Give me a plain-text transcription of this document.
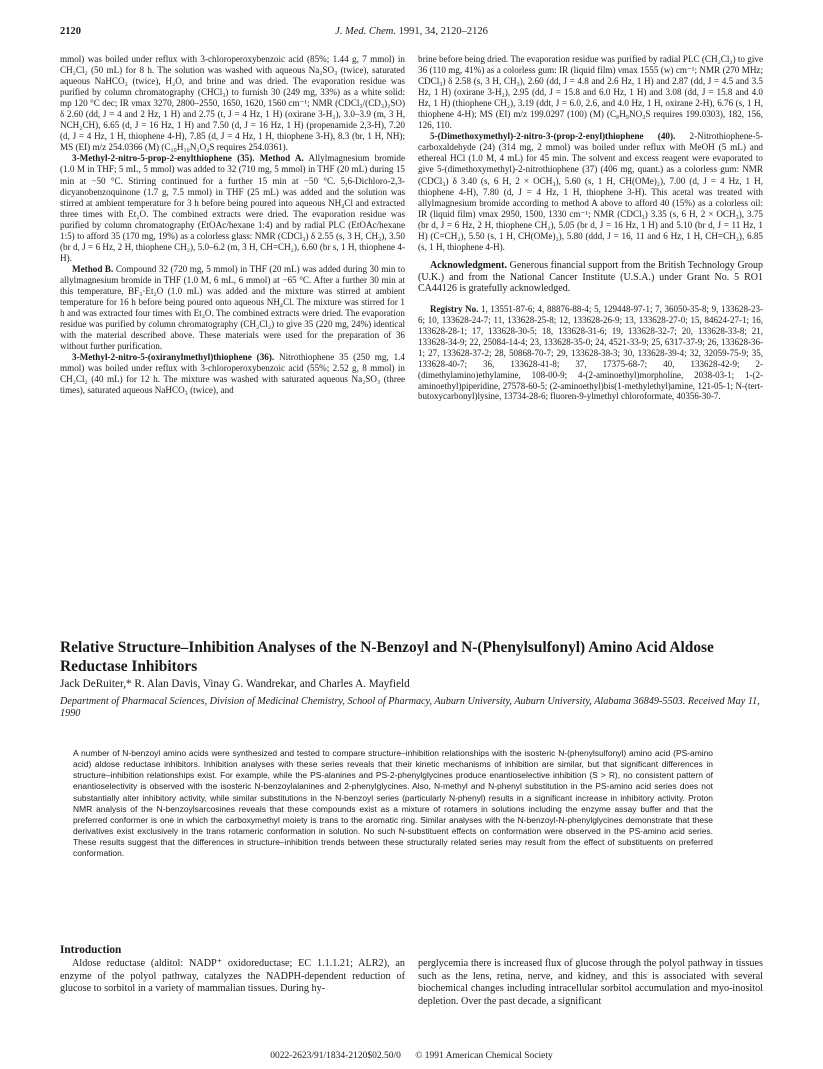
2120	J. Med. Chem. 1991, 34, 2120–2126

mmol) was boiled under reflux with 3-chloroperoxybenzoic acid (85%; 1.44 g, 7 mmol) in CH₂Cl₂ (50 mL) for 8 h. The solution was washed with aqueous Na₂SO₃ (twice), saturated aqueous NaHCO₃ (twice), H₂O, and brine and was dried. The evaporation residue was purified by column chromatography (CHCl₃) to furnish 30 (249 mg, 33%) as a white solid: mp 120 °C dec; IR νmax 3270, 2800–2550, 1650, 1620, 1560 cm⁻¹; NMR (CDCl₃/(CD₃)₂SO) δ 2.60 (dd, J = 4 and 2 Hz, 1 H) and 2.75 (t, J = 4 Hz, 1 H) (oxirane 3-H₂), 3.0–3.9 (m, 3 H, NCH₂CH), 6.65 (d, J = 16 Hz, 1 H) and 7.50 (d, J = 16 Hz, 1 H) (propenamide 2,3-H), 7.20 (d, J = 4 Hz, 1 H, thiophene 4-H), 7.85 (d, J = 4 Hz, 1 H, thiophene 3-H), 8.3 (br, 1 H, NH); MS (EI) m/z 254.0366 (M) (C₁₀H₁₀N₂O₄S requires 254.0361).

3-Methyl-2-nitro-5-prop-2-enylthiophene (35). Method A. Allylmagnesium bromide (1.0 M in THF; 5 mL, 5 mmol) was added to 32 (710 mg, 5 mmol) in THF (20 mL) during 15 min at −50 °C. Stirring continued for a further 15 min at −50 °C. 5,6-Dichloro-2,3-dicyanobenzoquinone (1.7 g, 7.5 mmol) in THF (25 mL) was added and the solution was stirred at ambient temperature for 3 h before being poured into aqueous NH₄Cl and extracted three times with Et₂O. The combined extracts were dried. The evaporation residue was purified by column chromatography (EtOAc/hexane 1:4) and by radial PLC (EtOAc/hexane 1:5) to afford 35 (170 mg, 19%) as a colorless glass: NMR (CDCl₃) δ 2.55 (s, 3 H, CH₃), 3.50 (br d, J = 6 Hz, 2 H, thiophene CH₂), 5.0–6.2 (m, 3 H, CH=CH₂), 6.60 (br s, 1 H, thiophene 4-H).

Method B. Compound 32 (720 mg, 5 mmol) in THF (20 mL) was added during 30 min to allylmagnesium bromide in THF (1.0 M, 6 mL, 6 mmol) at −65 °C. After a further 30 min at this temperature, BF₃·Et₂O (1.0 mL) was added and the mixture was stirred at ambient temperature for 16 h before being poured onto aqueous NH₄Cl. The mixture was stirred for 1 h and was extracted four times with Et₂O. The combined extracts were dried. The evaporation residue was purified by column chromatography (CH₂Cl₂) to give 35 (220 mg, 24%) identical with the material described above. These materials were used for the preparation of 36 without further purification.

3-Methyl-2-nitro-5-(oxiranylmethyl)thiophene (36). Nitrothiophene 35 (250 mg, 1.4 mmol) was boiled under reflux with 3-chloroperoxybenzoic acid (55%; 2.52 g, 8 mmol) in CH₂Cl₂ (40 mL) for 12 h. The mixture was washed with saturated aqueous Na₂SO₃ (three times), saturated aqueous NaHCO₃ (twice), and

brine before being dried. The evaporation residue was purified by radial PLC (CH₂Cl₂) to give 36 (110 mg, 41%) as a colorless gum: IR (liquid film) νmax 1555 (w) cm⁻¹; NMR (270 MHz; CDCl₃) δ 2.58 (s, 3 H, CH₃), 2.60 (dd, J = 4.8 and 2.6 Hz, 1 H) and 2.87 (dd, J = 4.5 and 3.5 Hz, 1 H) (oxirane 3-H₂), 2.95 (dd, J = 15.8 and 6.0 Hz, 1 H) and 3.08 (dd, J = 15.8 and 4.0 Hz, 1 H) (thiophene CH₂), 3.19 (ddt, J = 6.0, 2.6, and 4.0 Hz, 1 H, oxirane 2-H), 6.76 (s, 1 H, thiophene 4-H); MS (EI) m/z 199.0297 (100) (M) (C₈H₉NO₃S requires 199.0303), 182, 156, 126, 110.

5-(Dimethoxymethyl)-2-nitro-3-(prop-2-enyl)thiophene (40). 2-Nitrothiophene-5-carboxaldehyde (24) (314 mg, 2 mmol) was boiled under reflux with MeOH (5 mL) and ethereal HCl (1.0 M, 4 mL) for 45 min. The solvent and excess reagent were evaporated to give 5-(dimethoxymethyl)-2-nitrothiophene (37) (406 mg, quant.) as a colorless gum: NMR (CDCl₃) δ 3.40 (s, 6 H, 2 × OCH₃), 5.60 (s, 1 H, CH(OMe)₂), 7.00 (d, J = 4 Hz, 1 H, thiophene 4-H), 7.80 (d, J = 4 Hz, 1 H, thiophene 3-H). This acetal was treated with allylmagnesium bromide according to method A above to afford 40 (15%) as a colorless oil: IR (liquid film) νmax 2950, 1500, 1330 cm⁻¹; NMR (CDCl₃) 3.35 (s, 6 H, 2 × OCH₃), 3.75 (br d, J = 6 Hz, 2 H, thiophene CH₂), 5.05 (br d, J = 16 Hz, 1 H) and 5.10 (br d, J = 11 Hz, 1 H) (C=CH₂), 5.50 (s, 1 H, CH(OMe)₂), 5.80 (ddd, J = 16, 11 and 6 Hz, 1 H, CH=CH₂), 6.85 (s, 1 H, thiophene 4-H).

Acknowledgment. Generous financial support from the British Technology Group (U.K.) and from the National Cancer Institute (U.S.A.) under Grant No. 5 RO1 CA44126 is gratefully acknowledged.

Registry No. 1, 13551-87-6; 4, 88876-88-4; 5, 129448-97-1; 7, 36050-35-8; 9, 133628-23-6; 10, 133628-24-7; 11, 133628-25-8; 12, 133628-26-9; 13, 133628-27-0; 15, 84624-27-1; 16, 133628-28-1; 17, 133628-30-5; 18, 133628-31-6; 19, 133628-32-7; 20, 133628-33-8; 21, 133628-34-9; 22, 25084-14-4; 23, 133628-35-0; 24, 4521-33-9; 25, 6317-37-9; 26, 133628-36-1; 27, 133628-37-2; 28, 50868-70-7; 29, 133628-38-3; 30, 133628-39-4; 32, 32059-75-9; 35, 133628-40-7; 36, 133628-41-8; 37, 17375-68-7; 40, 133628-42-9; 2-(dimethylamino)ethylamine, 108-00-9; 4-(2-aminoethyl)morpholine, 2038-03-1; 1-(2-aminoethyl)piperidine, 27578-60-5; (2-aminoethyl)bis(1-methylethyl)amine, 121-05-1; N-(tert-butoxycarbonyl)lysine, 13734-28-6; fluoren-9-ylmethyl chloroformate, 40356-30-7.

Relative Structure–Inhibition Analyses of the N-Benzoyl and N-(Phenylsulfonyl) Amino Acid Aldose Reductase Inhibitors
Jack DeRuiter,* R. Alan Davis, Vinay G. Wandrekar, and Charles A. Mayfield
Department of Pharmacal Sciences, Division of Medicinal Chemistry, School of Pharmacy, Auburn University, Auburn University, Alabama 36849-5503. Received May 11, 1990
A number of N-benzoyl amino acids were synthesized and tested to compare structure–inhibition relationships with the isosteric N-(phenylsulfonyl) amino acid (PS-amino acid) aldose reductase inhibitors. Inhibition analyses with these series reveals that their kinetic mechanisms of inhibition are similar, but that significant differences in structure–inhibition relationships exist. For example, while the PS-alanines and PS-2-phenylglycines produce enantioselective inhibition (S > R), no consistent pattern of enantioselectivity is observed with the isosteric N-benzoylalanines and 2-phenylglycines. Also, N-methyl and N-phenyl substitution in the PS-amino acid series does not substantially alter inhibitory activity, while similar substitutions in the N-benzoyl series (particularly N-phenyl) results in a significant increase in inhibitory activity. Proton NMR analysis of the N-benzoylsarcosines reveals that these compounds exist as a mixture of rotamers in solutions including the enzyme assay buffer and that the preferred conformer is one in which the carboxymethyl moiety is trans to the aromatic ring. Similar analyses with the N-benzoyl-N-phenylglycines demonstrate that these derivatives exist exclusively in the trans rotameric conformation in solution. No such N-substituent effects on conformation were observed in the PS-amino acid series. These results suggest that the differences in structure–inhibition trends between these structurally related series may result from the effect of substituents on preferred conformation.
Introduction
Aldose reductase (alditol: NADP⁺ oxidoreductase; EC 1.1.1.21; ALR2), an enzyme of the polyol pathway, catalyzes the NADPH-dependent reduction of glucose to sorbitol in a variety of mammalian tissues. During hy-
perglycemia there is increased flux of glucose through the polyol pathway in tissues such as the lens, retina, nerve, and kidney, and this is associated with several biochemical changes including intracellular sorbitol accumulation and myo-inositol depletion. Over the past decade, a significant
0022-2623/91/1834-2120$02.50/0 © 1991 American Chemical Society
